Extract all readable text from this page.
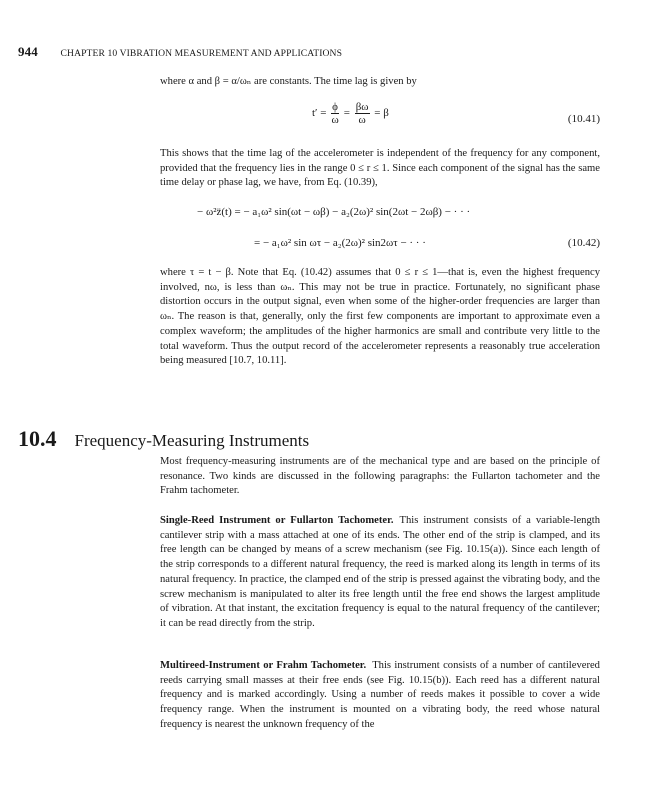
944 CHAPTER 10 VIBRATION MEASUREMENT AND APPLICATIONS
where α and β = α/ωₙ are constants. The time lag is given by
$t' = \frac{\phi}{\omega} = \frac{\beta\omega}{\omega} = \beta$	(10.41)
This shows that the time lag of the accelerometer is independent of the frequency for any component, provided that the frequency lies in the range 0 ≤ r ≤ 1. Since each component of the signal has the same time delay or phase lag, we have, from Eq. (10.39),
− ω²z̈(t) = − a₁ω² sin(ωt − ωβ) − a₂(2ω)² sin(2ωt − 2ωβ) − · · ·
= − a₁ω² sin ωτ − a₂(2ω)² sin2ωτ − · · ·	(10.42)
where τ = t − β. Note that Eq. (10.42) assumes that 0 ≤ r ≤ 1—that is, even the highest frequency involved, nω, is less than ωₙ. This may not be true in practice. Fortunately, no significant phase distortion occurs in the output signal, even when some of the higher-order frequencies are larger than ωₙ. The reason is that, generally, only the first few components are important to approximate even a complex waveform; the amplitudes of the higher harmonics are small and contribute very little to the total waveform. Thus the output record of the accelerometer represents a reasonably true acceleration being measured [10.7, 10.11].
10.4 Frequency-Measuring Instruments
Most frequency-measuring instruments are of the mechanical type and are based on the principle of resonance. Two kinds are discussed in the following paragraphs: the Fullarton tachometer and the Frahm tachometer.
Single-Reed Instrument or Fullarton Tachometer. This instrument consists of a variable-length cantilever strip with a mass attached at one of its ends. The other end of the strip is clamped, and its free length can be changed by means of a screw mechanism (see Fig. 10.15(a)). Since each length of the strip corresponds to a different natural frequency, the reed is marked along its length in terms of its natural frequency. In practice, the clamped end of the strip is pressed against the vibrating body, and the screw mechanism is manipulated to alter its free length until the free end shows the largest amplitude of vibration. At that instant, the excitation frequency is equal to the natural frequency of the cantilever; it can be read directly from the strip.
Multireed-Instrument or Frahm Tachometer. This instrument consists of a number of cantilevered reeds carrying small masses at their free ends (see Fig. 10.15(b)). Each reed has a different natural frequency and is marked accordingly. Using a number of reeds makes it possible to cover a wide frequency range. When the instrument is mounted on a vibrating body, the reed whose natural frequency is nearest the unknown frequency of the
